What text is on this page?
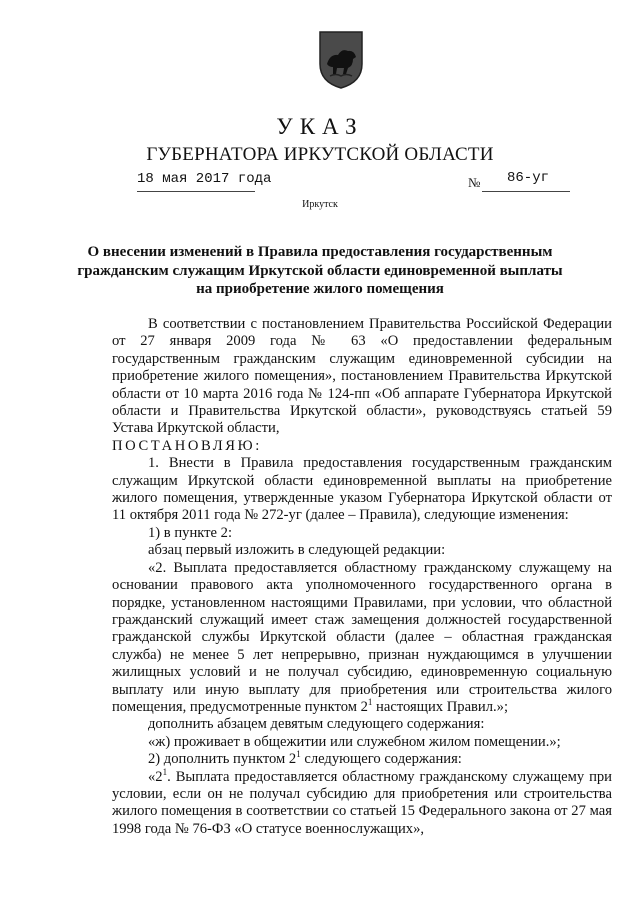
УКАЗ
ГУБЕРНАТОРА ИРКУТСКОЙ ОБЛАСТИ
18 мая 2017 года	№ 86-уг
Иркутск
О внесении изменений в Правила предоставления государственным
гражданским служащим Иркутской области единовременной выплаты
на приобретение жилого помещения

В соответствии с постановлением Правительства Российской Федерации от 27 января 2009 года № 63 «О предоставлении федеральным государственным гражданским служащим единовременной субсидии на приобретение жилого помещения», постановлением Правительства Иркутской области от 10 марта 2016 года № 124-пп «Об аппарате Губернатора Иркутской области и Правительства Иркутской области», руководствуясь статьей 59 Устава Иркутской области,

ПОСТАНОВЛЯЮ:

1. Внести в Правила предоставления государственным гражданским служащим Иркутской области единовременной выплаты на приобретение жилого помещения, утвержденные указом Губернатора Иркутской области от 11 октября 2011 года № 272-уг (далее – Правила), следующие изменения:

1) в пункте 2:

абзац первый изложить в следующей редакции:

«2. Выплата предоставляется областному гражданскому служащему на основании правового акта уполномоченного государственного органа в порядке, установленном настоящими Правилами, при условии, что областной гражданский служащий имеет стаж замещения должностей государственной гражданской службы Иркутской области (далее – областная гражданская служба) не менее 5 лет непрерывно, признан нуждающимся в улучшении жилищных условий и не получал субсидию, единовременную социальную выплату или иную выплату для приобретения или строительства жилого помещения, предусмотренные пунктом $2^1$ настоящих Правил.»;

дополнить абзацем девятым следующего содержания:

«ж) проживает в общежитии или служебном жилом помещении.»;

2) дополнить пунктом $2^1$ следующего содержания:

«$2^1$. Выплата предоставляется областному гражданскому служащему при условии, если он не получал субсидию для приобретения или строительства жилого помещения в соответствии со статьей 15 Федерального закона от 27 мая 1998 года № 76-ФЗ «О статусе военнослужащих»,
